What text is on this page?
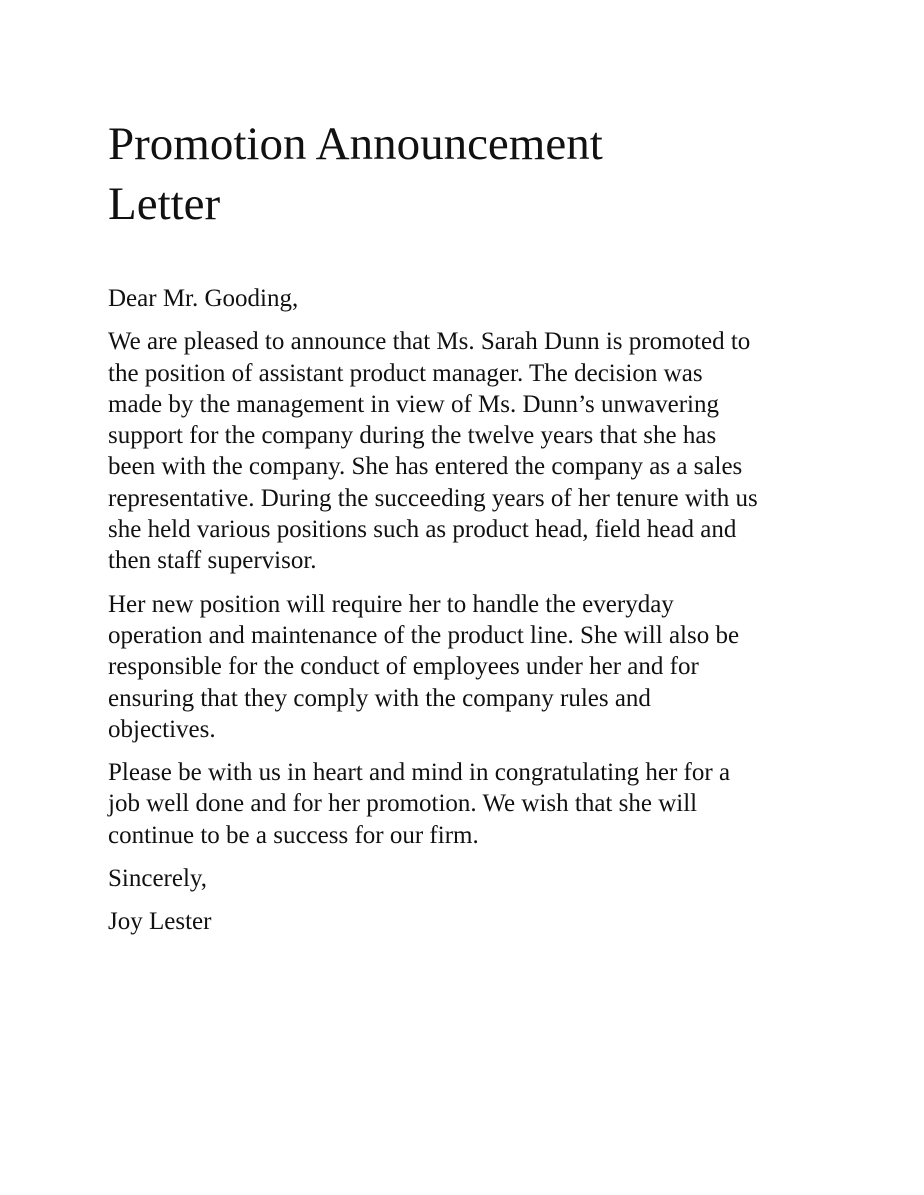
Promotion Announcement
Letter

Dear Mr. Gooding,

We are pleased to announce that Ms. Sarah Dunn is promoted to
the position of assistant product manager. The decision was
made by the management in view of Ms. Dunn’s unwavering
support for the company during the twelve years that she has
been with the company. She has entered the company as a sales
representative. During the succeeding years of her tenure with us
she held various positions such as product head, field head and
then staff supervisor.

Her new position will require her to handle the everyday
operation and maintenance of the product line. She will also be
responsible for the conduct of employees under her and for
ensuring that they comply with the company rules and
objectives.

Please be with us in heart and mind in congratulating her for a
job well done and for her promotion. We wish that she will
continue to be a success for our firm.

Sincerely,

Joy Lester
